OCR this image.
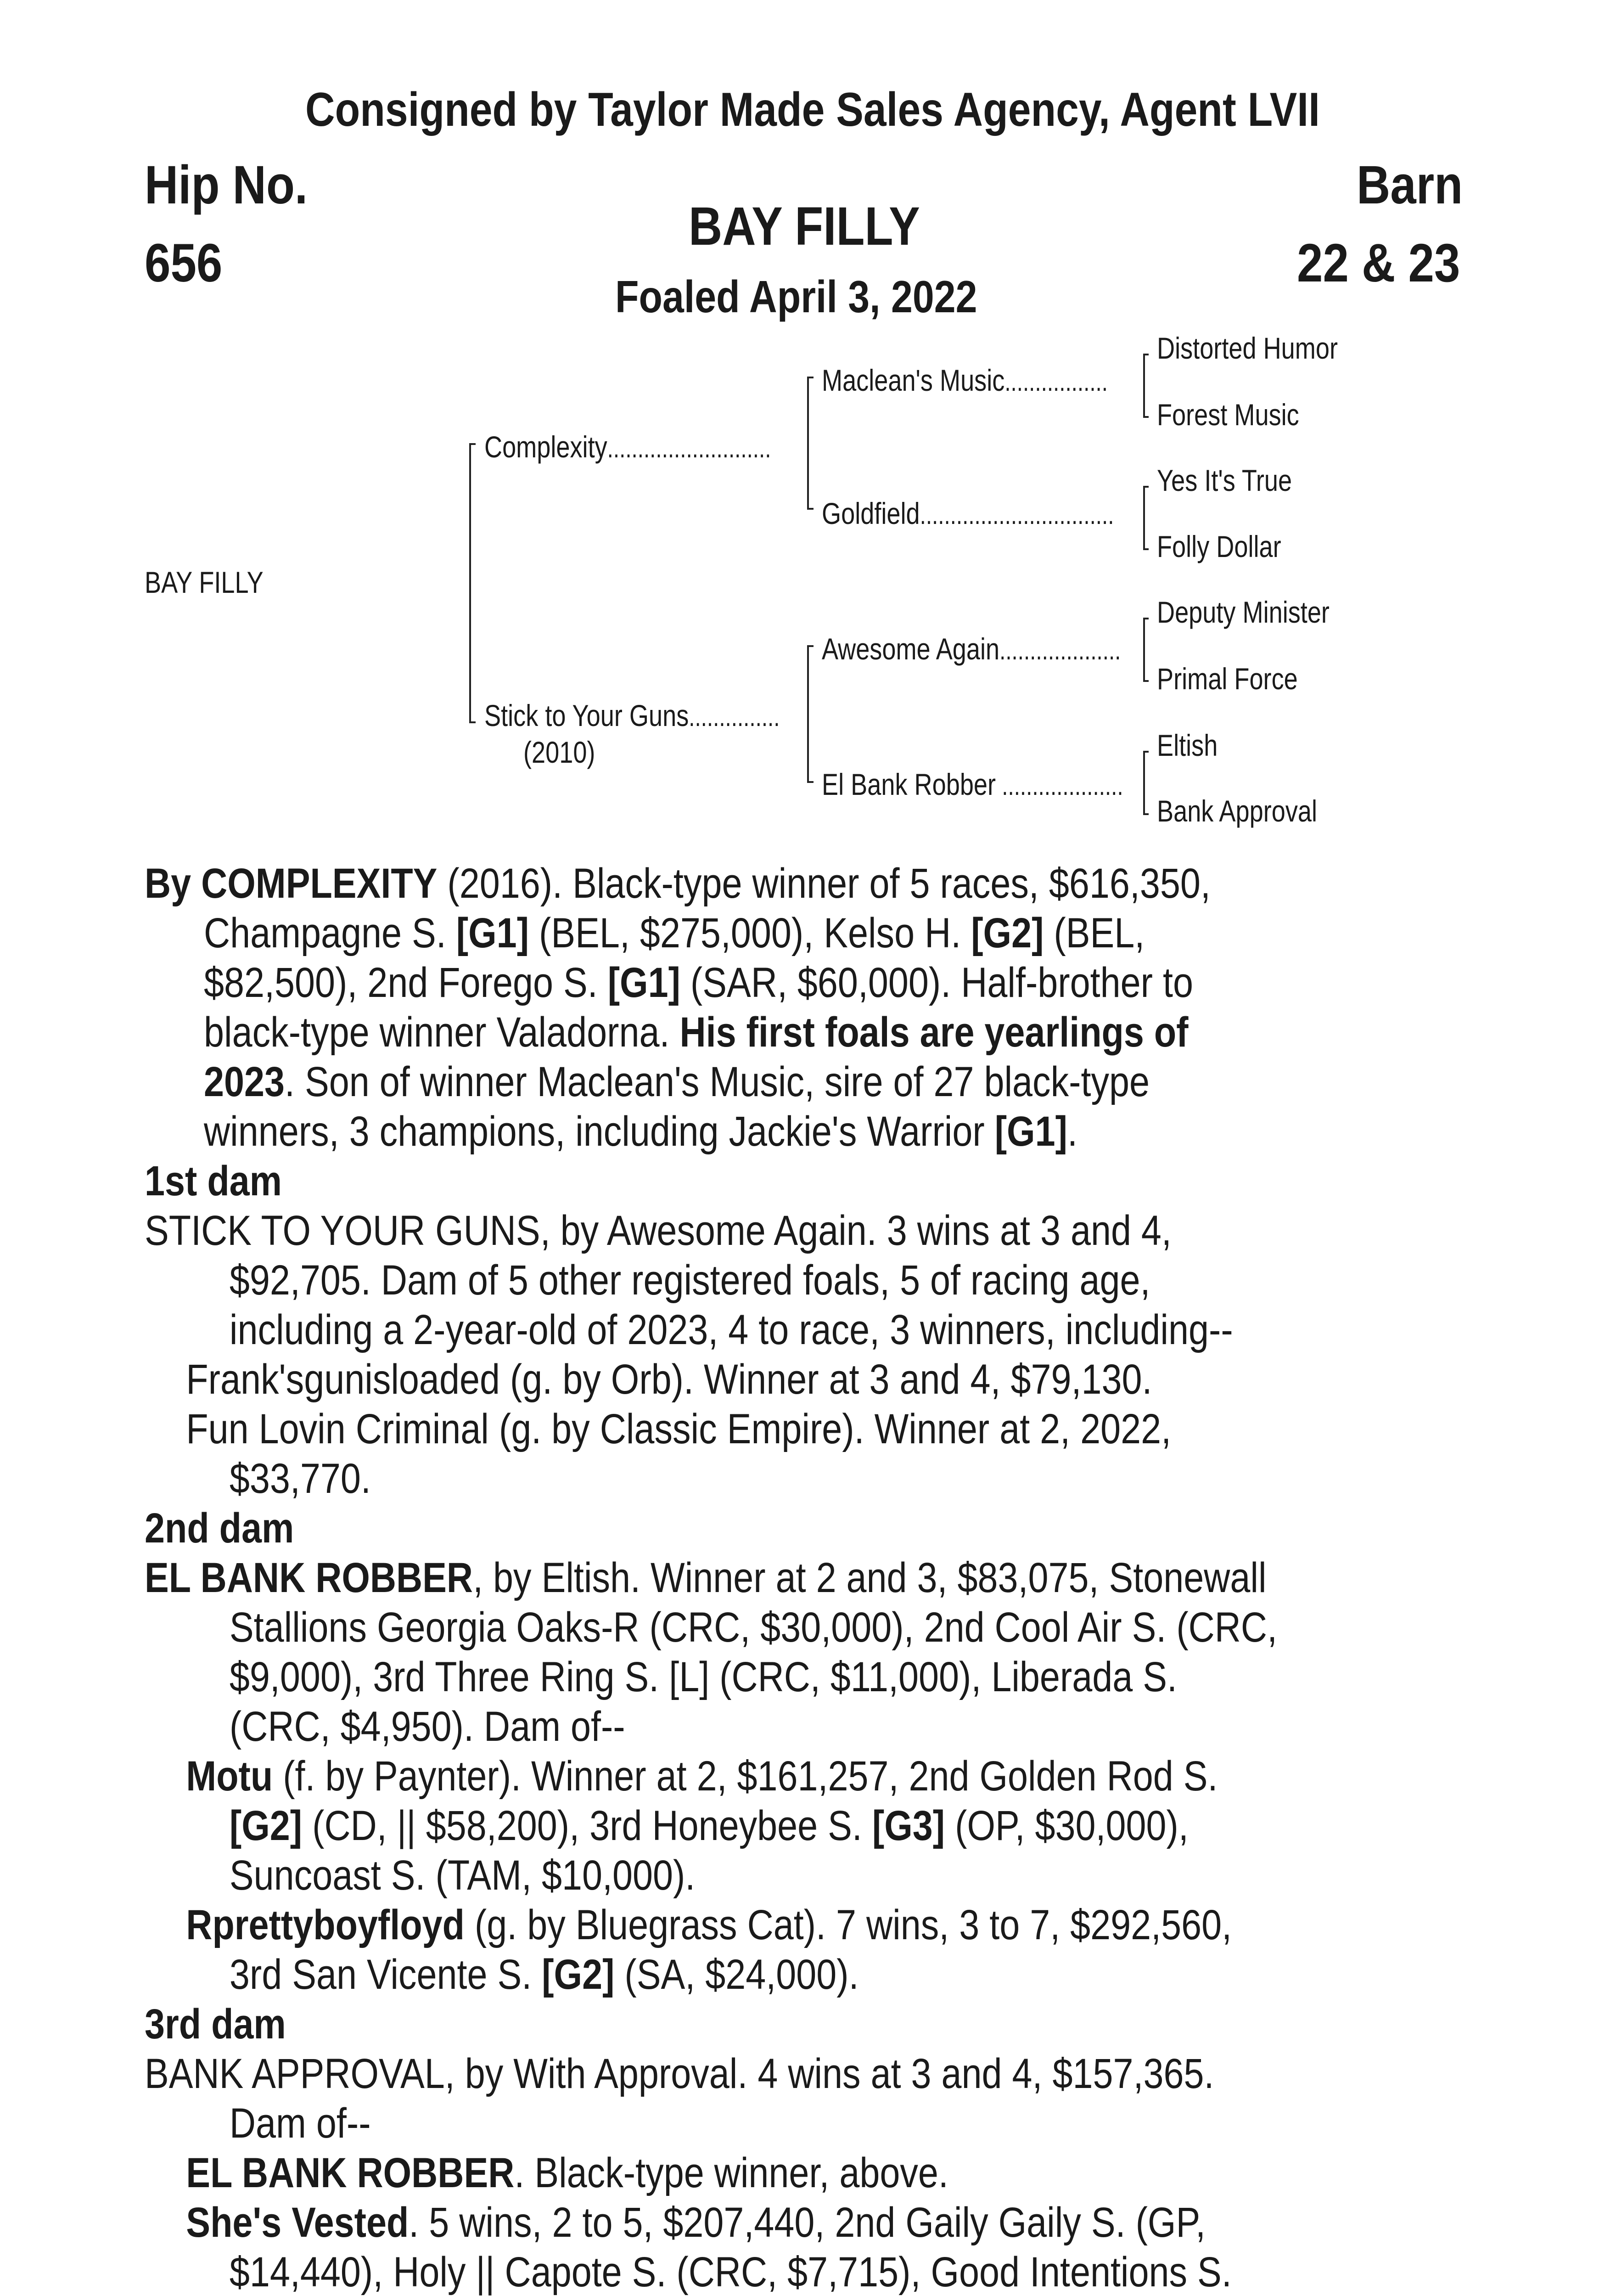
Consigned by Taylor Made Sales Agency, Agent LVII
Hip No.
656
Barn
22 & 23
BAY FILLY
Foaled April 3, 2022
BAY FILLY
Complexity...........................
Stick to Your Guns...............
(2010)
Maclean's Music.................
Goldfield................................
Awesome Again....................
El Bank Robber ....................
Distorted Humor
Forest Music
Yes It's True
Folly Dollar
Deputy Minister
Primal Force
Eltish
Bank Approval

By COMPLEXITY (2016). Black-type winner of 5 races, $616,350, Champagne S. [G1] (BEL, $275,000), Kelso H. [G2] (BEL, $82,500), 2nd Forego S. [G1] (SAR, $60,000). Half-brother to black-type winner Valadorna. His first foals are yearlings of 2023. Son of winner Maclean's Music, sire of 27 black-type winners, 3 champions, including Jackie's Warrior [G1].

1st dam

STICK TO YOUR GUNS, by Awesome Again. 3 wins at 3 and 4, $92,705. Dam of 5 other registered foals, 5 of racing age, including a 2-year-old of 2023, 4 to race, 3 winners, including--

Frank'sgunisloaded (g. by Orb). Winner at 3 and 4, $79,130.

Fun Lovin Criminal (g. by Classic Empire). Winner at 2, 2022, $33,770.

2nd dam

EL BANK ROBBER, by Eltish. Winner at 2 and 3, $83,075, Stonewall Stallions Georgia Oaks-R (CRC, $30,000), 2nd Cool Air S. (CRC, $9,000), 3rd Three Ring S. [L] (CRC, $11,000), Liberada S. (CRC, $4,950). Dam of--

Motu (f. by Paynter). Winner at 2, $161,257, 2nd Golden Rod S. [G2] (CD, || $58,200), 3rd Honeybee S. [G3] (OP, $30,000), Suncoast S. (TAM, $10,000).

Rprettyboyfloyd (g. by Bluegrass Cat). 7 wins, 3 to 7, $292,560, 3rd San Vicente S. [G2] (SA, $24,000).

3rd dam

BANK APPROVAL, by With Approval. 4 wins at 3 and 4, $157,365. Dam of--

EL BANK ROBBER. Black-type winner, above.

She's Vested. 5 wins, 2 to 5, $207,440, 2nd Gaily Gaily S. (GP, $14,440), Holy || Capote S. (CRC, $7,715), Good Intentions S.
